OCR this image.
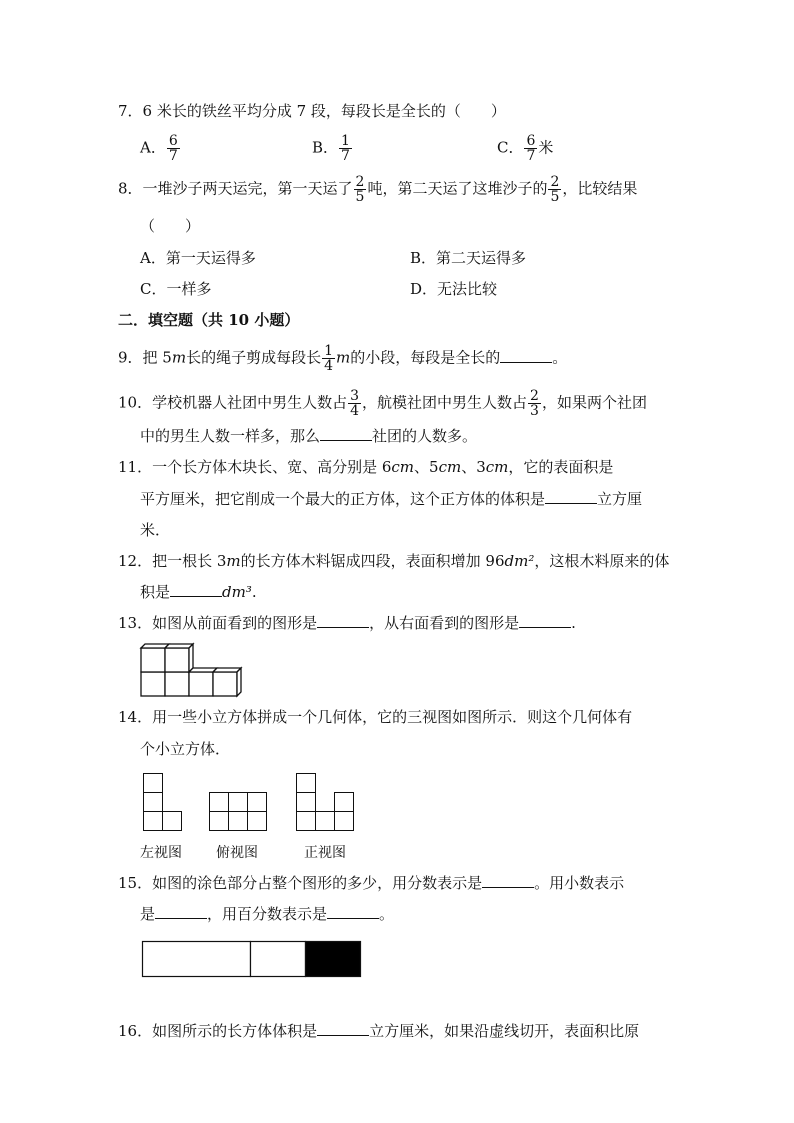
7．6 米长的铁丝平均分成 7 段，每段长是全长的（　　）
A． $\frac{6}{7}$	B． $\frac{1}{7}$	C． $\frac{6}{7}$ 米
8．一堆沙子两天运完，第一天运了 $\frac{2}{5}$ 吨，第二天运了这堆沙子的 $\frac{2}{5}$ ，比较结果
（　　）
A．第一天运得多	B．第二天运得多
C．一样多	D．无法比较
二．填空题（共 10 小题）
9．把 5m长的绳子剪成每段长 $\frac{1}{4}$ m的小段，每段是全长的	。
10．学校机器人社团中男生人数占 $\frac{3}{4}$ ，航模社团中男生人数占 $\frac{2}{3}$ ，如果两个社团
中的男生人数一样多，那么	社团的人数多。
11．一个长方体木块长、宽、高分别是 6cm、5cm、3cm，它的表面积是
平方厘米，把它削成一个最大的正方体，这个正方体的体积是	立方厘
米．
12．把一根长 3m的长方体木料锯成四段，表面积增加 96dm²，这根木料原来的体
积是	dm³.
13．如图从前面看到的图形是	，从右面看到的图形是	.
14．用一些小立方体拼成一个几何体，它的三视图如图所示．则这个几何体有
个小立方体．
左视图 俯视图	正视图
15．如图的涂色部分占整个图形的多少，用分数表示是	。用小数表示
是	，用百分数表示是	。
16．如图所示的长方体体积是	立方厘米，如果沿虚线切开，表面积比原
